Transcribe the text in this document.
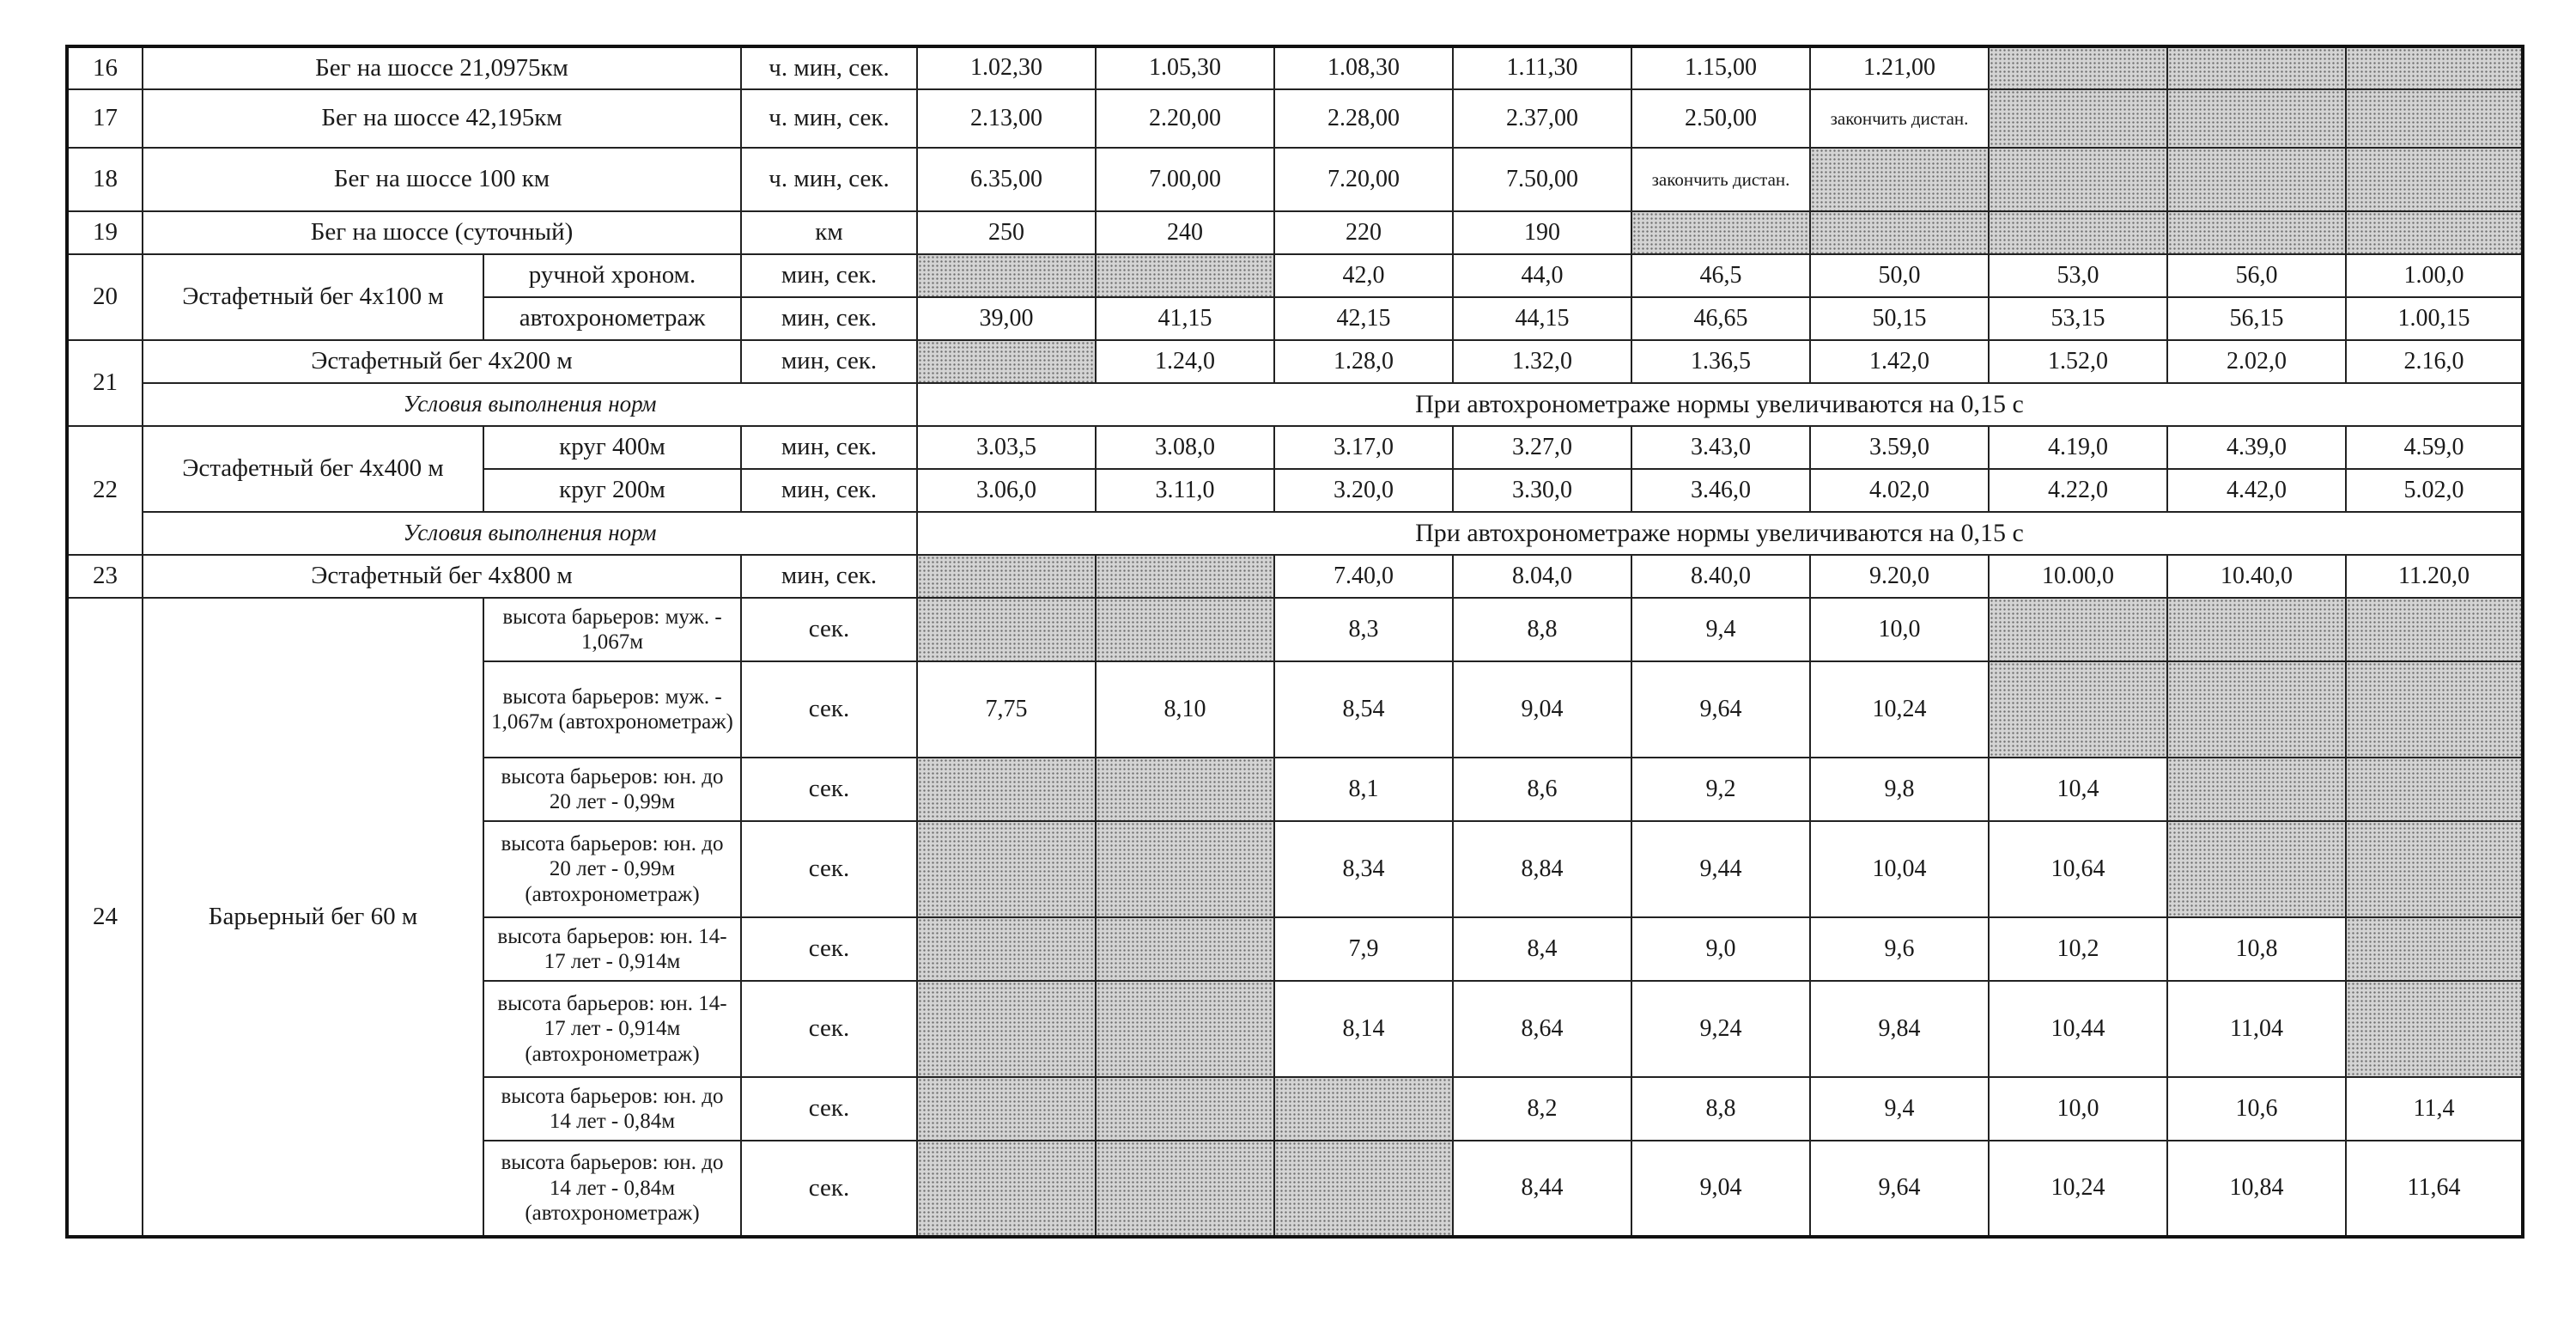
16	Бег на шоссе 21,0975км		ч. мин, сек.	1.02,30	1.05,30	1.08,30	1.11,30	1.15,00	1.21,00			
17	Бег на шоссе 42,195км		ч. мин, сек.	2.13,00	2.20,00	2.28,00	2.37,00	2.50,00	закончить дистан.			
18	Бег на шоссе 100 км		ч. мин, сек.	6.35,00	7.00,00	7.20,00	7.50,00	закончить дистан.				
19	Бег на шоссе (суточный)		км	250	240	220	190					
20	Эстафетный бег 4х100 м	ручной хроном.	мин, сек.			42,0	44,0	46,5	50,0	53,0	56,0	1.00,0
		автохронометраж	мин, сек.	39,00	41,15	42,15	44,15	46,65	50,15	53,15	56,15	1.00,15
21	Эстафетный бег 4х200 м		мин, сек.		1.24,0	1.28,0	1.32,0	1.36,5	1.42,0	1.52,0	2.02,0	2.16,0
	Условия выполнения норм			При автохронометраже нормы увеличиваются на 0,15 с								
22	Эстафетный бег 4х400 м	круг 400м	мин, сек.	3.03,5	3.08,0	3.17,0	3.27,0	3.43,0	3.59,0	4.19,0	4.39,0	4.59,0
		круг 200м	мин, сек.	3.06,0	3.11,0	3.20,0	3.30,0	3.46,0	4.02,0	4.22,0	4.42,0	5.02,0
	Условия выполнения норм			При автохронометраже нормы увеличиваются на 0,15 с								
23	Эстафетный бег 4х800 м		мин, сек.			7.40,0	8.04,0	8.40,0	9.20,0	10.00,0	10.40,0	11.20,0
24	Барьерный бег 60 м	высота барьеров: муж. - 1,067м	сек.			8,3	8,8	9,4	10,0			
		высота барьеров: муж. - 1,067м (автохронометраж)	сек.	7,75	8,10	8,54	9,04	9,64	10,24			
		высота барьеров: юн. до 20 лет - 0,99м	сек.			8,1	8,6	9,2	9,8	10,4		
		высота барьеров: юн. до 20 лет - 0,99м (автохронометраж)	сек.			8,34	8,84	9,44	10,04	10,64		
		высота барьеров: юн. 14-17 лет - 0,914м	сек.			7,9	8,4	9,0	9,6	10,2	10,8	
		высота барьеров: юн. 14-17 лет - 0,914м (автохронометраж)	сек.			8,14	8,64	9,24	9,84	10,44	11,04	
		высота барьеров: юн. до 14 лет - 0,84м	сек.				8,2	8,8	9,4	10,0	10,6	11,4
		высота барьеров: юн. до 14 лет - 0,84м (автохронометраж)	сек.				8,44	9,04	9,64	10,24	10,84	11,64
